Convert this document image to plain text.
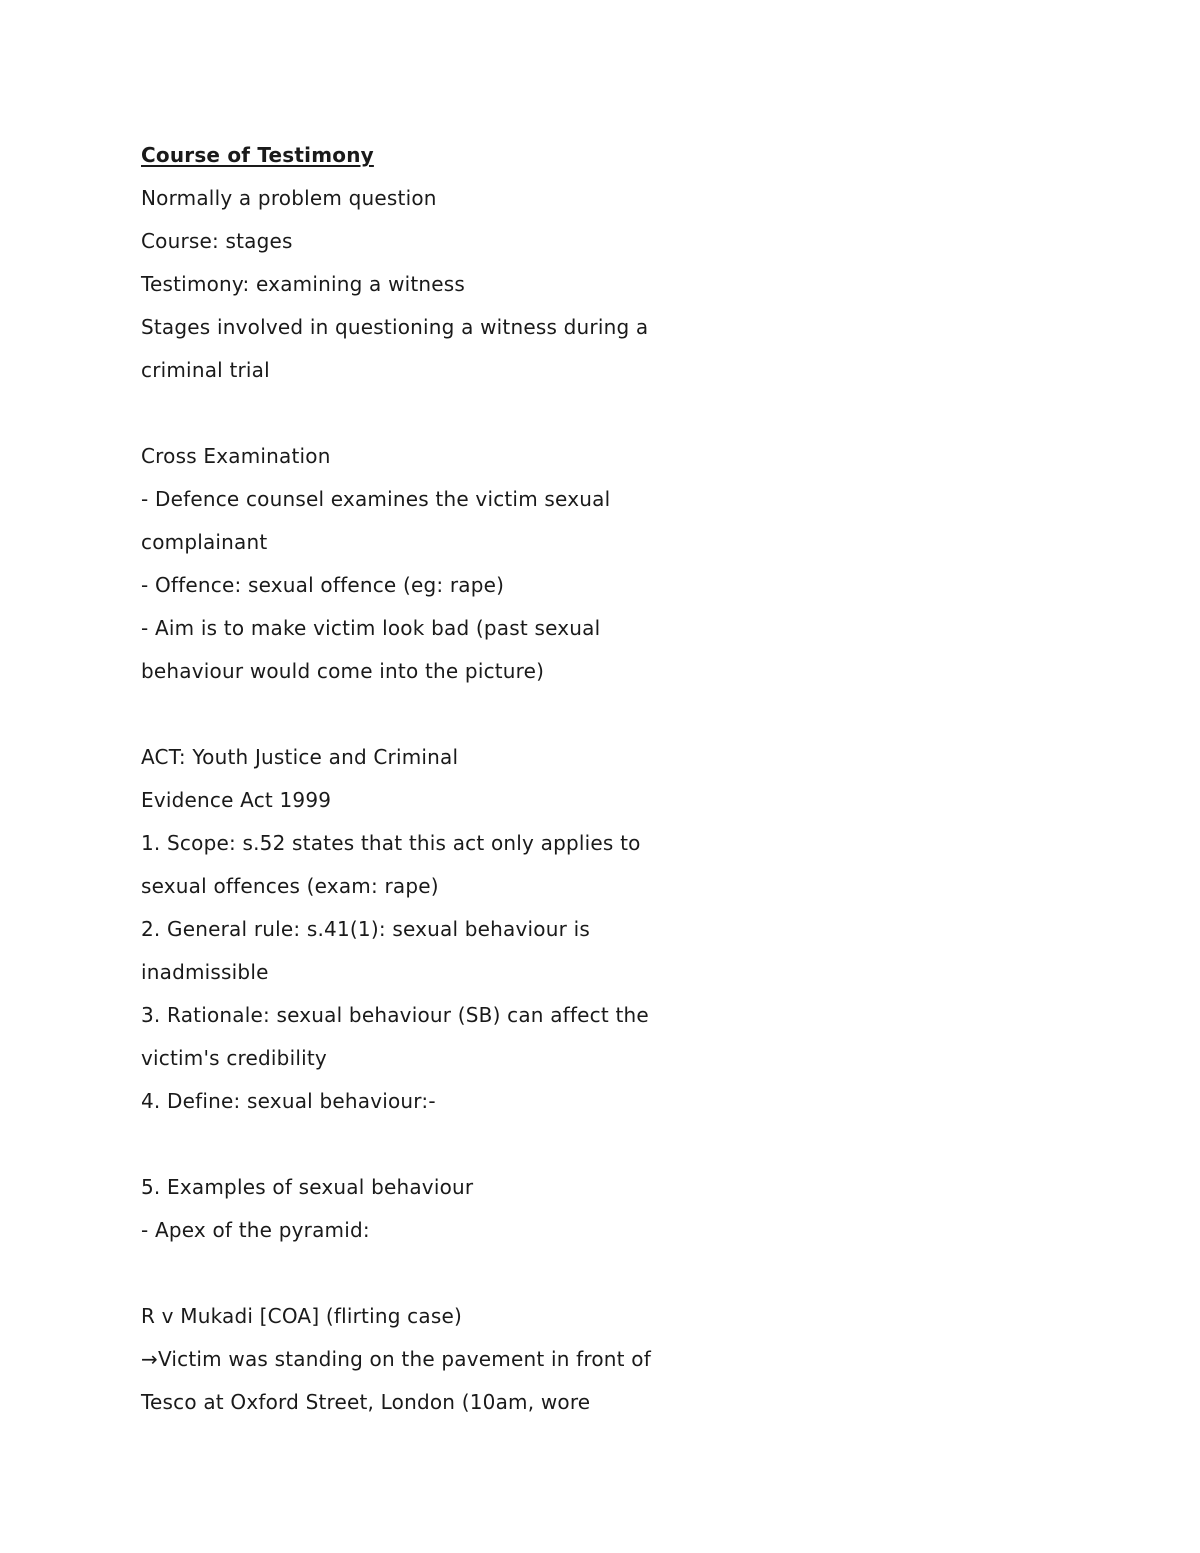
Course of Testimony
Normally a problem question
Course: stages
Testimony: examining a witness
Stages involved in questioning a witness during a
criminal trial
Cross Examination
- Defence counsel examines the victim sexual
complainant
- Offence: sexual offence (eg: rape)
- Aim is to make victim look bad (past sexual
behaviour would come into the picture)
ACT: Youth Justice and Criminal
Evidence Act 1999
1. Scope: s.52 states that this act only applies to
sexual offences (exam: rape)
2. General rule: s.41(1): sexual behaviour is
inadmissible
3. Rationale: sexual behaviour (SB) can affect the
victim's credibility
4. Define: sexual behaviour:-
5. Examples of sexual behaviour
- Apex of the pyramid:
R v Mukadi [COA] (flirting case)
→Victim was standing on the pavement in front of
Tesco at Oxford Street, London (10am, wore
